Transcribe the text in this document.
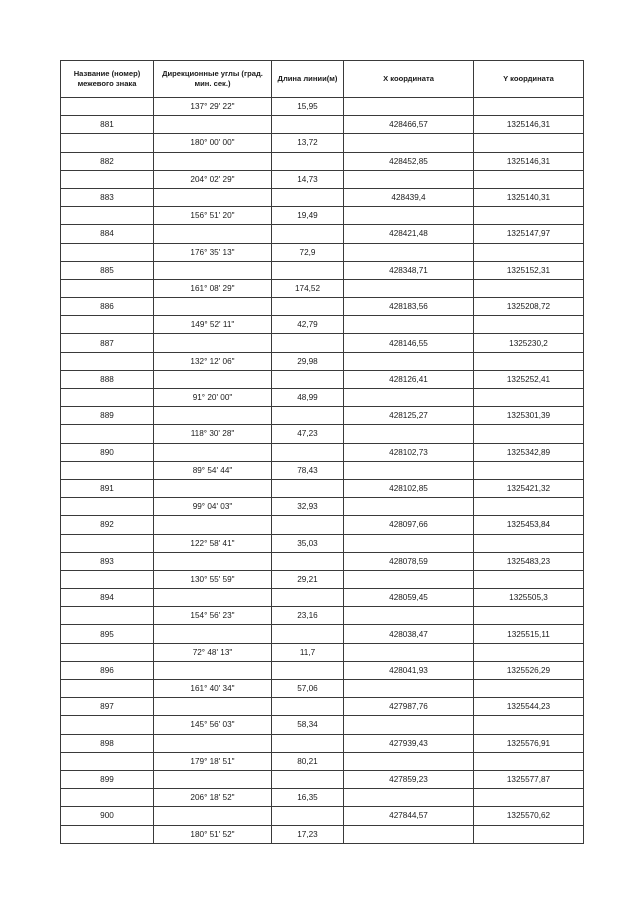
Название (номер) межевого знака	Дирекционные углы (град. мин. сек.)	Длина линии(м)	X координата	Y координата
	137° 29' 22"	15,95		
881			428466,57	1325146,31
	180° 00' 00"	13,72		
882			428452,85	1325146,31
	204° 02' 29"	14,73		
883			428439,4	1325140,31
	156° 51' 20"	19,49		
884			428421,48	1325147,97
	176° 35' 13"	72,9		
885			428348,71	1325152,31
	161° 08' 29"	174,52		
886			428183,56	1325208,72
	149° 52' 11"	42,79		
887			428146,55	1325230,2
	132° 12' 06"	29,98		
888			428126,41	1325252,41
	91° 20' 00"	48,99		
889			428125,27	1325301,39
	118° 30' 28"	47,23		
890			428102,73	1325342,89
	89° 54' 44"	78,43		
891			428102,85	1325421,32
	99° 04' 03"	32,93		
892			428097,66	1325453,84
	122° 58' 41"	35,03		
893			428078,59	1325483,23
	130° 55' 59"	29,21		
894			428059,45	1325505,3
	154° 56' 23"	23,16		
895			428038,47	1325515,11
	72° 48' 13"	11,7		
896			428041,93	1325526,29
	161° 40' 34"	57,06		
897			427987,76	1325544,23
	145° 56' 03"	58,34		
898			427939,43	1325576,91
	179° 18' 51"	80,21		
899			427859,23	1325577,87
	206° 18' 52"	16,35		
900			427844,57	1325570,62
	180° 51' 52"	17,23		
